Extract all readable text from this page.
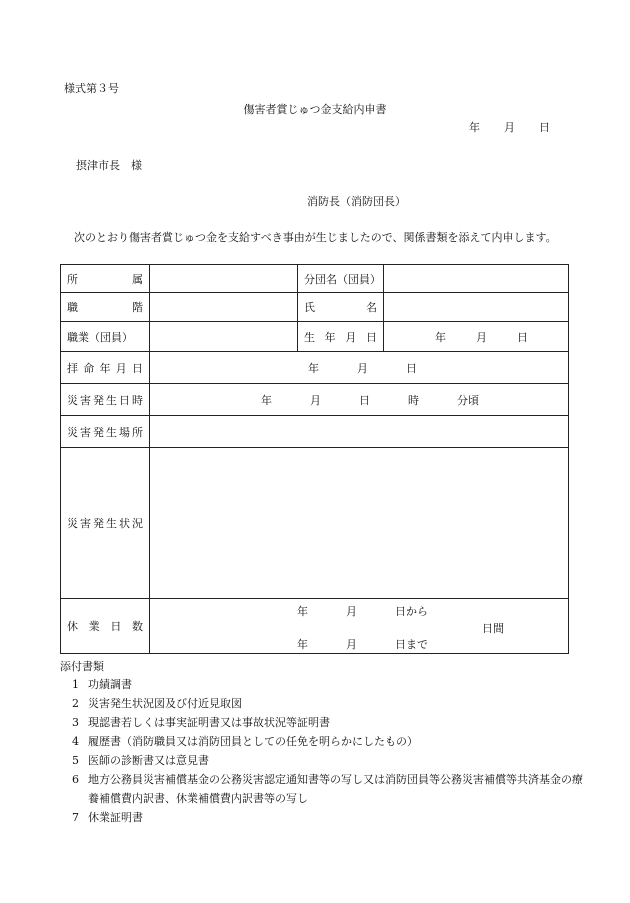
様式第３号
傷害者賞じゅつ金支給内申書
年 月 日
摂津市長　様
消防長（消防団長）
次のとおり傷害者賞じゅつ金を支給すべき事由が生じましたので、関係書類を添えて内申します。
所属		分団名（団員）	
職階		氏名	
職業（団員）		生年月日	年 月 日
拝命年月日	年 月 日		
災害発生日時	年 月 日 時 分頃		
災害発生場所			
災害発生状況			
休業日数	年 月 日から
日間
年 月 日まで		
添付書類
1 功績調書
2 災害発生状況図及び付近見取図
3 現認書若しくは事実証明書又は事故状況等証明書
4 履歴書（消防職員又は消防団員としての任免を明らかにしたもの）
5 医師の診断書又は意見書
6 地方公務員災害補償基金の公務災害認定通知書等の写し又は消防団員等公務災害補償等共済基金の療養補償費内訳書、休業補償費内訳書等の写し
7 休業証明書
